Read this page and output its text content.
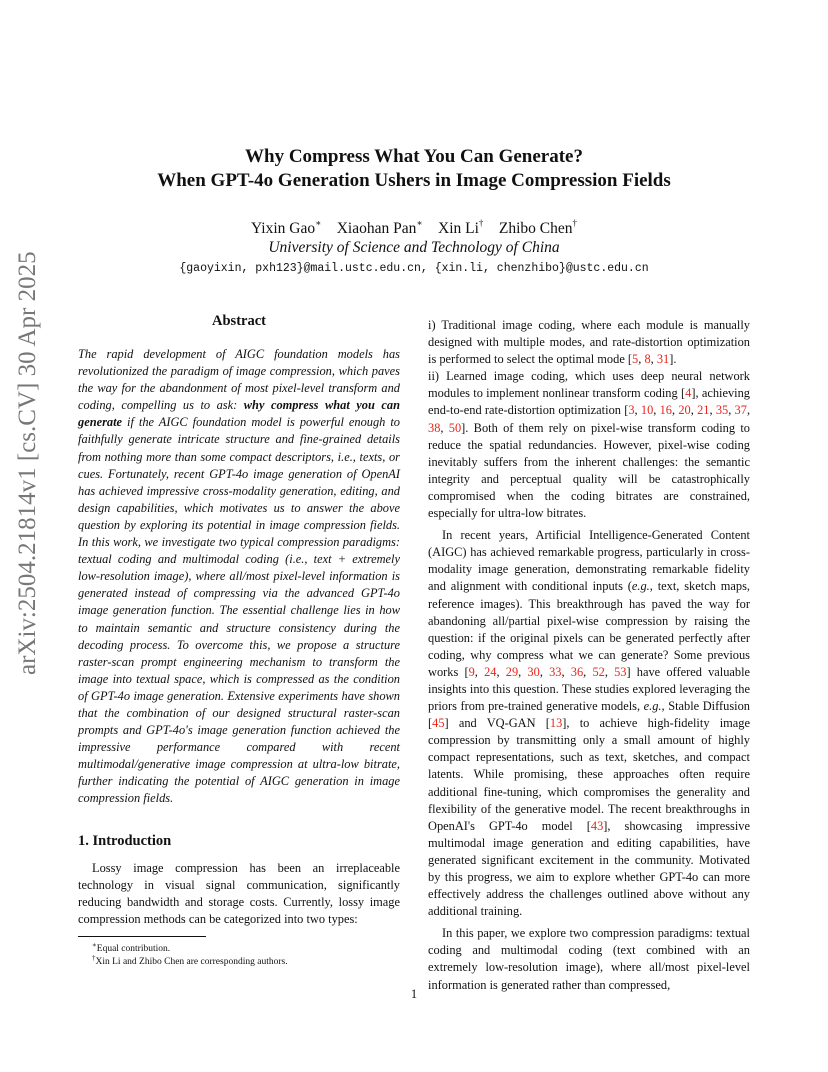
arXiv:2504.21814v1 [cs.CV] 30 Apr 2025
Why Compress What You Can Generate?
When GPT-4o Generation Ushers in Image Compression Fields
Yixin Gao∗ Xiaohan Pan∗ Xin Li† Zhibo Chen†
University of Science and Technology of China
{gaoyixin, pxh123}@mail.ustc.edu.cn, {xin.li, chenzhibo}@ustc.edu.cn
Abstract

The rapid development of AIGC foundation models has revolutionized the paradigm of image compression, which paves the way for the abandonment of most pixel-level transform and coding, compelling us to ask: why compress what you can generate if the AIGC foundation model is powerful enough to faithfully generate intricate structure and fine-grained details from nothing more than some compact descriptors, i.e., texts, or cues. Fortunately, recent GPT-4o image generation of OpenAI has achieved impressive cross-modality generation, editing, and design capabilities, which motivates us to answer the above question by exploring its potential in image compression fields. In this work, we investigate two typical compression paradigms: textual coding and multimodal coding (i.e., text + extremely low-resolution image), where all/most pixel-level information is generated instead of compressing via the advanced GPT-4o image generation function. The essential challenge lies in how to maintain semantic and structure consistency during the decoding process. To overcome this, we propose a structure raster-scan prompt engineering mechanism to transform the image into textual space, which is compressed as the condition of GPT-4o image generation. Extensive experiments have shown that the combination of our designed structural raster-scan prompts and GPT-4o's image generation function achieved the impressive performance compared with recent multimodal/generative image compression at ultra-low bitrate, further indicating the potential of AIGC generation in image compression fields.

1. Introduction

Lossy image compression has been an irreplaceable technology in visual signal communication, significantly reducing bandwidth and storage costs. Currently, lossy image compression methods can be categorized into two types:

∗Equal contribution.
†Xin Li and Zhibo Chen are corresponding authors.

i) Traditional image coding, where each module is manually designed with multiple modes, and rate-distortion optimization is performed to select the optimal mode [5, 8, 31].

ii) Learned image coding, which uses deep neural network modules to implement nonlinear transform coding [4], achieving end-to-end rate-distortion optimization [3, 10, 16, 20, 21, 35, 37, 38, 50]. Both of them rely on pixel-wise transform coding to reduce the spatial redundancies. However, pixel-wise coding inevitably suffers from the inherent challenges: the semantic integrity and perceptual quality will be catastrophically compromised when the coding bitrates are constrained, especially for ultra-low bitrates.

In recent years, Artificial Intelligence-Generated Content (AIGC) has achieved remarkable progress, particularly in cross-modality image generation, demonstrating remarkable fidelity and alignment with conditional inputs (e.g., text, sketch maps, reference images). This breakthrough has paved the way for abandoning all/partial pixel-wise compression by raising the question: if the original pixels can be generated perfectly after coding, why compress what we can generate? Some previous works [9, 24, 29, 30, 33, 36, 52, 53] have offered valuable insights into this question. These studies explored leveraging the priors from pre-trained generative models, e.g., Stable Diffusion [45] and VQ-GAN [13], to achieve high-fidelity image compression by transmitting only a small amount of highly compact representations, such as text, sketches, and compact latents. While promising, these approaches often require additional fine-tuning, which compromises the generality and flexibility of the generative model. The recent breakthroughs in OpenAI's GPT-4o model [43], showcasing impressive multimodal image generation and editing capabilities, have generated significant excitement in the community. Motivated by this progress, we aim to explore whether GPT-4o can more effectively address the challenges outlined above without any additional training.

In this paper, we explore two compression paradigms: textual coding and multimodal coding (text combined with an extremely low-resolution image), where all/most pixel-level information is generated rather than compressed,

1
